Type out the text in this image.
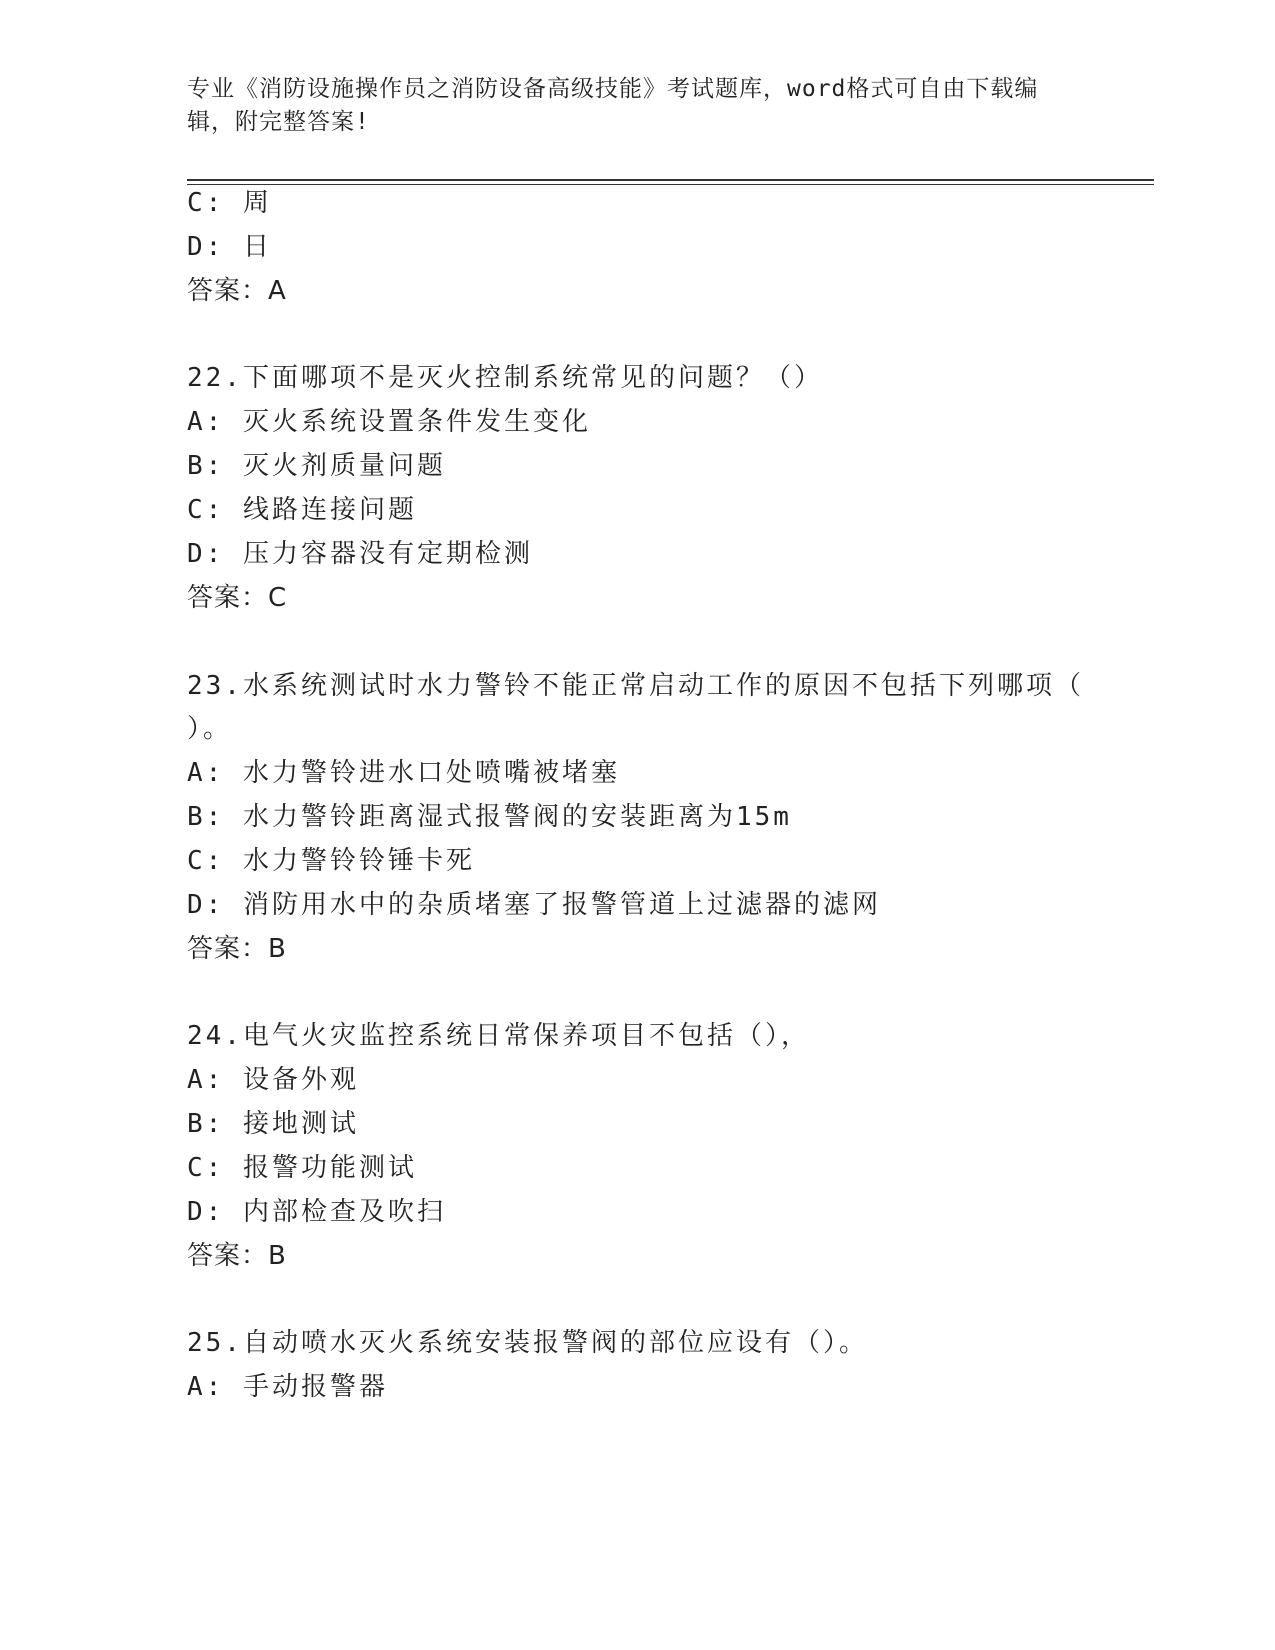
专业《消防设施操作员之消防设备高级技能》考试题库，word格式可自由下载编
辑，附完整答案!
C: 周
D: 日
答案：A
22.下面哪项不是灭火控制系统常见的问题？（）
A: 灭火系统设置条件发生变化
B: 灭火剂质量问题
C: 线路连接问题
D: 压力容器没有定期检测
答案：C
23.水系统测试时水力警铃不能正常启动工作的原因不包括下列哪项（
）。
A: 水力警铃进水口处喷嘴被堵塞
B: 水力警铃距离湿式报警阀的安装距离为15m
C: 水力警铃铃锤卡死
D: 消防用水中的杂质堵塞了报警管道上过滤器的滤网
答案：B
24.电气火灾监控系统日常保养项目不包括（），
A: 设备外观
B: 接地测试
C: 报警功能测试
D: 内部检查及吹扫
答案：B
25.自动喷水灭火系统安装报警阀的部位应设有（）。
A: 手动报警器
